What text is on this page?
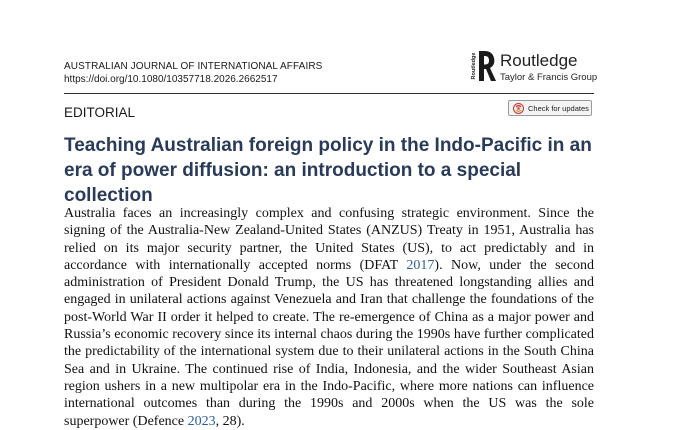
AUSTRALIAN JOURNAL OF INTERNATIONAL AFFAIRS
https://doi.org/10.1080/10357718.2026.2662517
Routledge Routledge
Taylor & Francis Group
EDITORIAL	Check for updates
Teaching Australian foreign policy in the Indo-Pacific in an era of power diffusion: an introduction to a special collection

Australia faces an increasingly complex and confusing strategic environment. Since the signing of the Australia-New Zealand-United States (ANZUS) Treaty in 1951, Australia has relied on its major security partner, the United States (US), to act predictably and in accordance with internationally accepted norms (DFAT 2017). Now, under the second administration of President Donald Trump, the US has threatened longstanding allies and engaged in unilateral actions against Venezuela and Iran that challenge the foundations of the post-World War II order it helped to create. The re-emergence of China as a major power and Russia’s economic recovery since its internal chaos during the 1990s have further complicated the predictability of the international system due to their unilateral actions in the South China Sea and in Ukraine. The continued rise of India, Indonesia, and the wider Southeast Asian region ushers in a new multipolar era in the Indo-Pacific, where more nations can influence international outcomes than during the 1990s and 2000s when the US was the sole superpower (Defence 2023, 28).
